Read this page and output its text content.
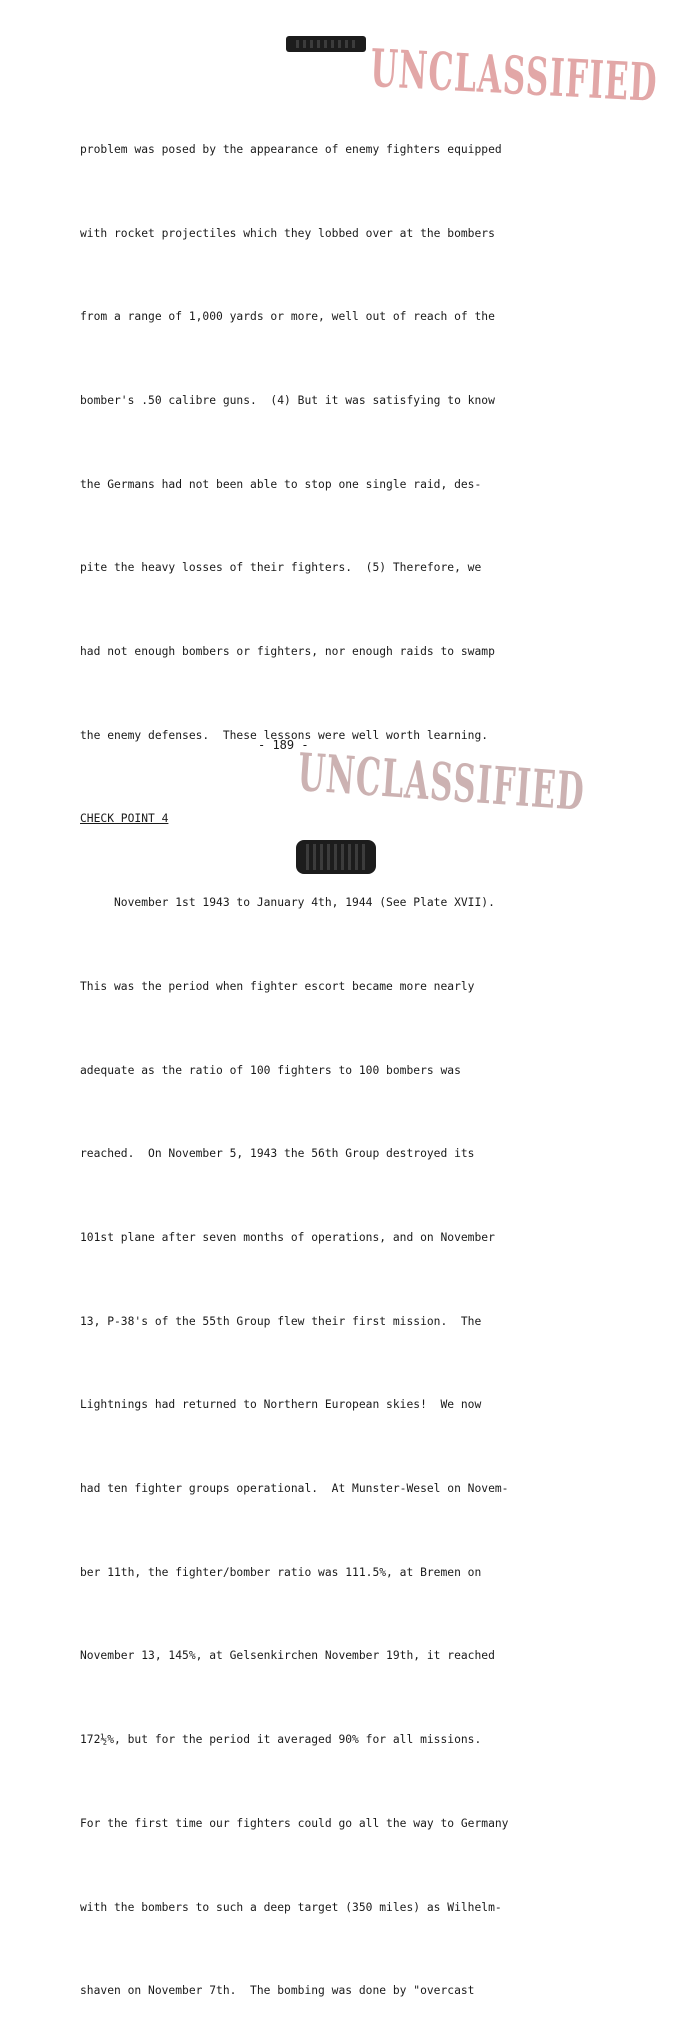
UNCLASSIFIED

problem was posed by the appearance of enemy fighters equipped

with rocket projectiles which they lobbed over at the bombers

from a range of 1,000 yards or more, well out of reach of the

bomber's .50 calibre guns.  (4) But it was satisfying to know

the Germans had not been able to stop one single raid, des-

pite the heavy losses of their fighters.  (5) Therefore, we

had not enough bombers or fighters, nor enough raids to swamp

the enemy defenses.  These lessons were well worth learning.

CHECK POINT 4

November 1st 1943 to January 4th, 1944 (See Plate XVII).

This was the period when fighter escort became more nearly

adequate as the ratio of 100 fighters to 100 bombers was

reached.  On November 5, 1943 the 56th Group destroyed its

101st plane after seven months of operations, and on November

13, P-38's of the 55th Group flew their first mission.  The

Lightnings had returned to Northern European skies!  We now

had ten fighter groups operational.  At Munster-Wesel on Novem-

ber 11th, the fighter/bomber ratio was 111.5%, at Bremen on

November 13, 145%, at Gelsenkirchen November 19th, it reached

172½%, but for the period it averaged 90% for all missions.

For the first time our fighters could go all the way to Germany

with the bombers to such a deep target (350 miles) as Wilhelm-

shaven on November 7th.  The bombing was done by "overcast

- 189 -
UNCLASSIFIED
